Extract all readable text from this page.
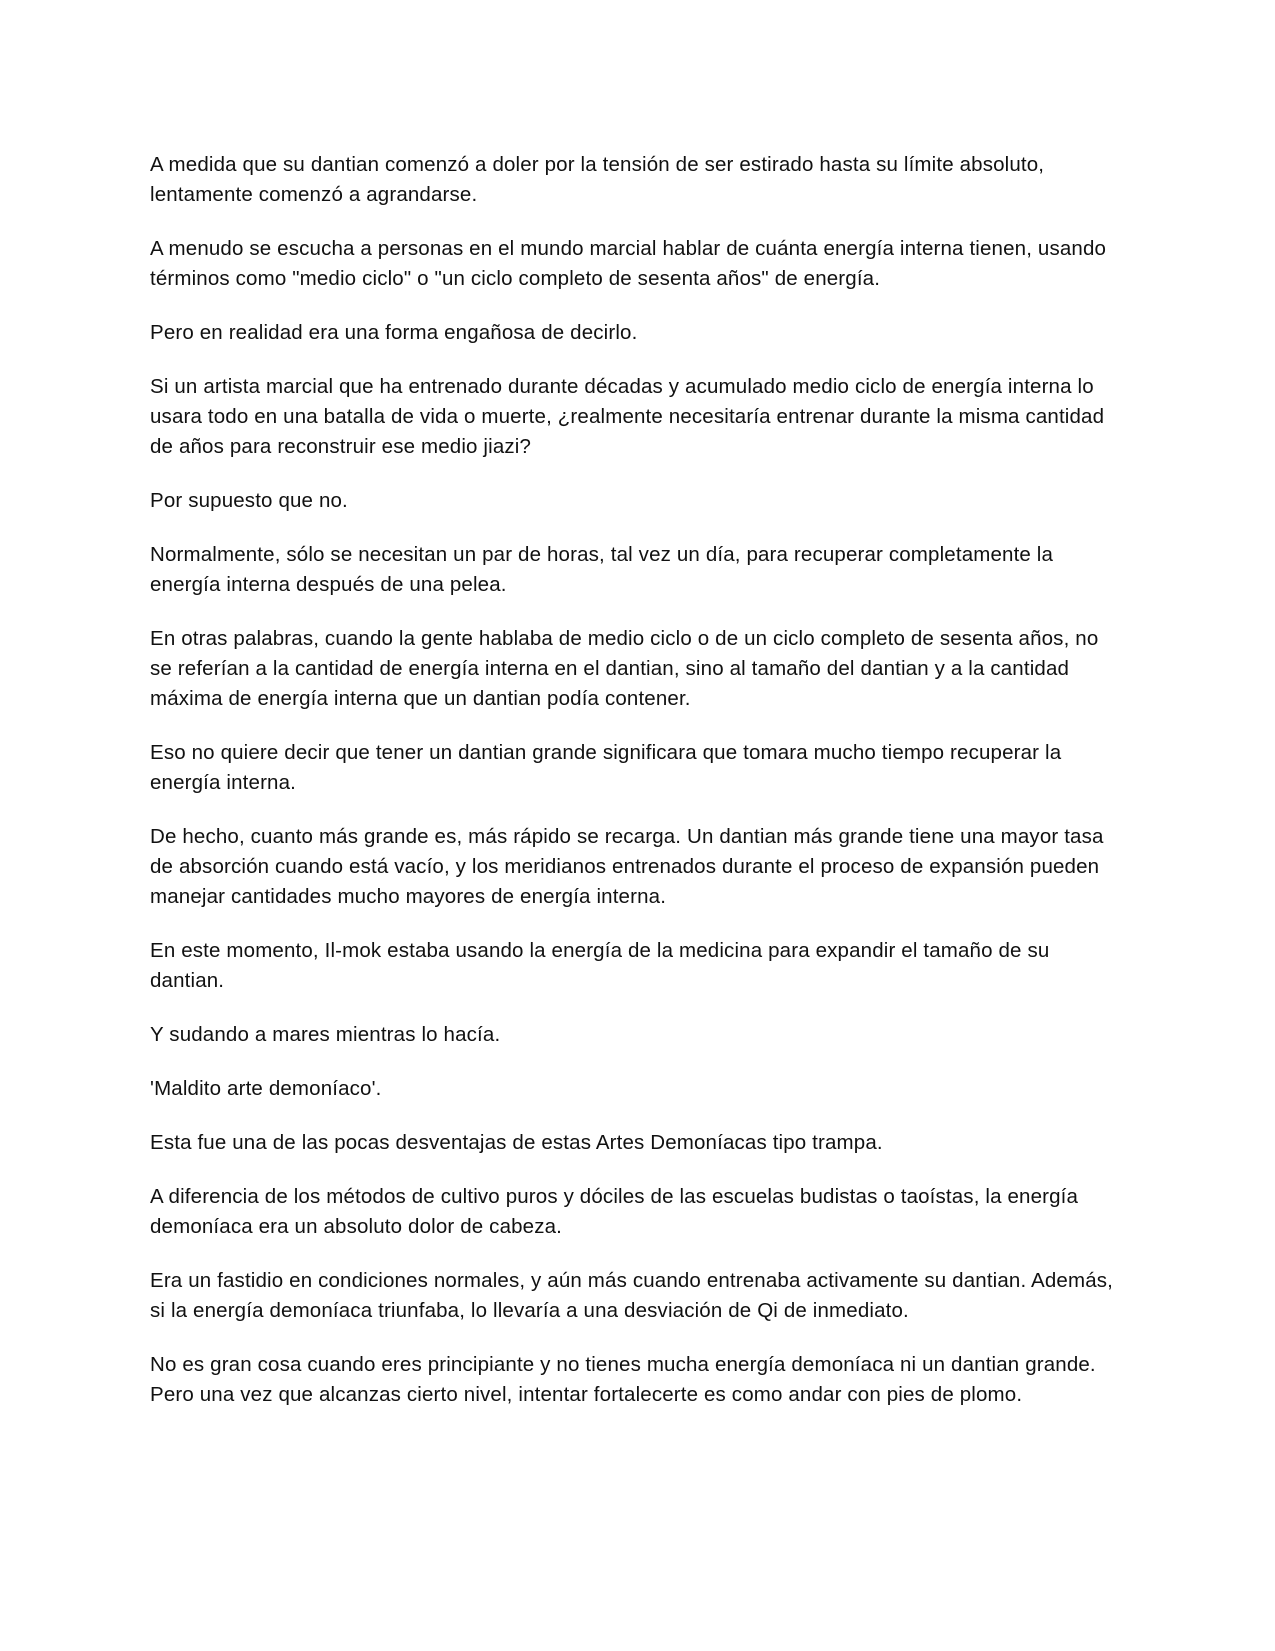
A medida que su dantian comenzó a doler por la tensión de ser estirado hasta su límite absoluto, lentamente comenzó a agrandarse.

A menudo se escucha a personas en el mundo marcial hablar de cuánta energía interna tienen, usando términos como "medio ciclo" o "un ciclo completo de sesenta años" de energía.

Pero en realidad era una forma engañosa de decirlo.

Si un artista marcial que ha entrenado durante décadas y acumulado medio ciclo de energía interna lo usara todo en una batalla de vida o muerte, ¿realmente necesitaría entrenar durante la misma cantidad de años para reconstruir ese medio jiazi?

Por supuesto que no.

Normalmente, sólo se necesitan un par de horas, tal vez un día, para recuperar completamente la energía interna después de una pelea.

En otras palabras, cuando la gente hablaba de medio ciclo o de un ciclo completo de sesenta años, no se referían a la cantidad de energía interna en el dantian, sino al tamaño del dantian y a la cantidad máxima de energía interna que un dantian podía contener.

Eso no quiere decir que tener un dantian grande significara que tomara mucho tiempo recuperar la energía interna.

De hecho, cuanto más grande es, más rápido se recarga. Un dantian más grande tiene una mayor tasa de absorción cuando está vacío, y los meridianos entrenados durante el proceso de expansión pueden manejar cantidades mucho mayores de energía interna.

En este momento, Il-mok estaba usando la energía de la medicina para expandir el tamaño de su dantian.

Y sudando a mares mientras lo hacía.

'Maldito arte demoníaco'.

Esta fue una de las pocas desventajas de estas Artes Demoníacas tipo trampa.

A diferencia de los métodos de cultivo puros y dóciles de las escuelas budistas o taoístas, la energía demoníaca era un absoluto dolor de cabeza.

Era un fastidio en condiciones normales, y aún más cuando entrenaba activamente su dantian. Además, si la energía demoníaca triunfaba, lo llevaría a una desviación de Qi de inmediato.

No es gran cosa cuando eres principiante y no tienes mucha energía demoníaca ni un dantian grande. Pero una vez que alcanzas cierto nivel, intentar fortalecerte es como andar con pies de plomo.
